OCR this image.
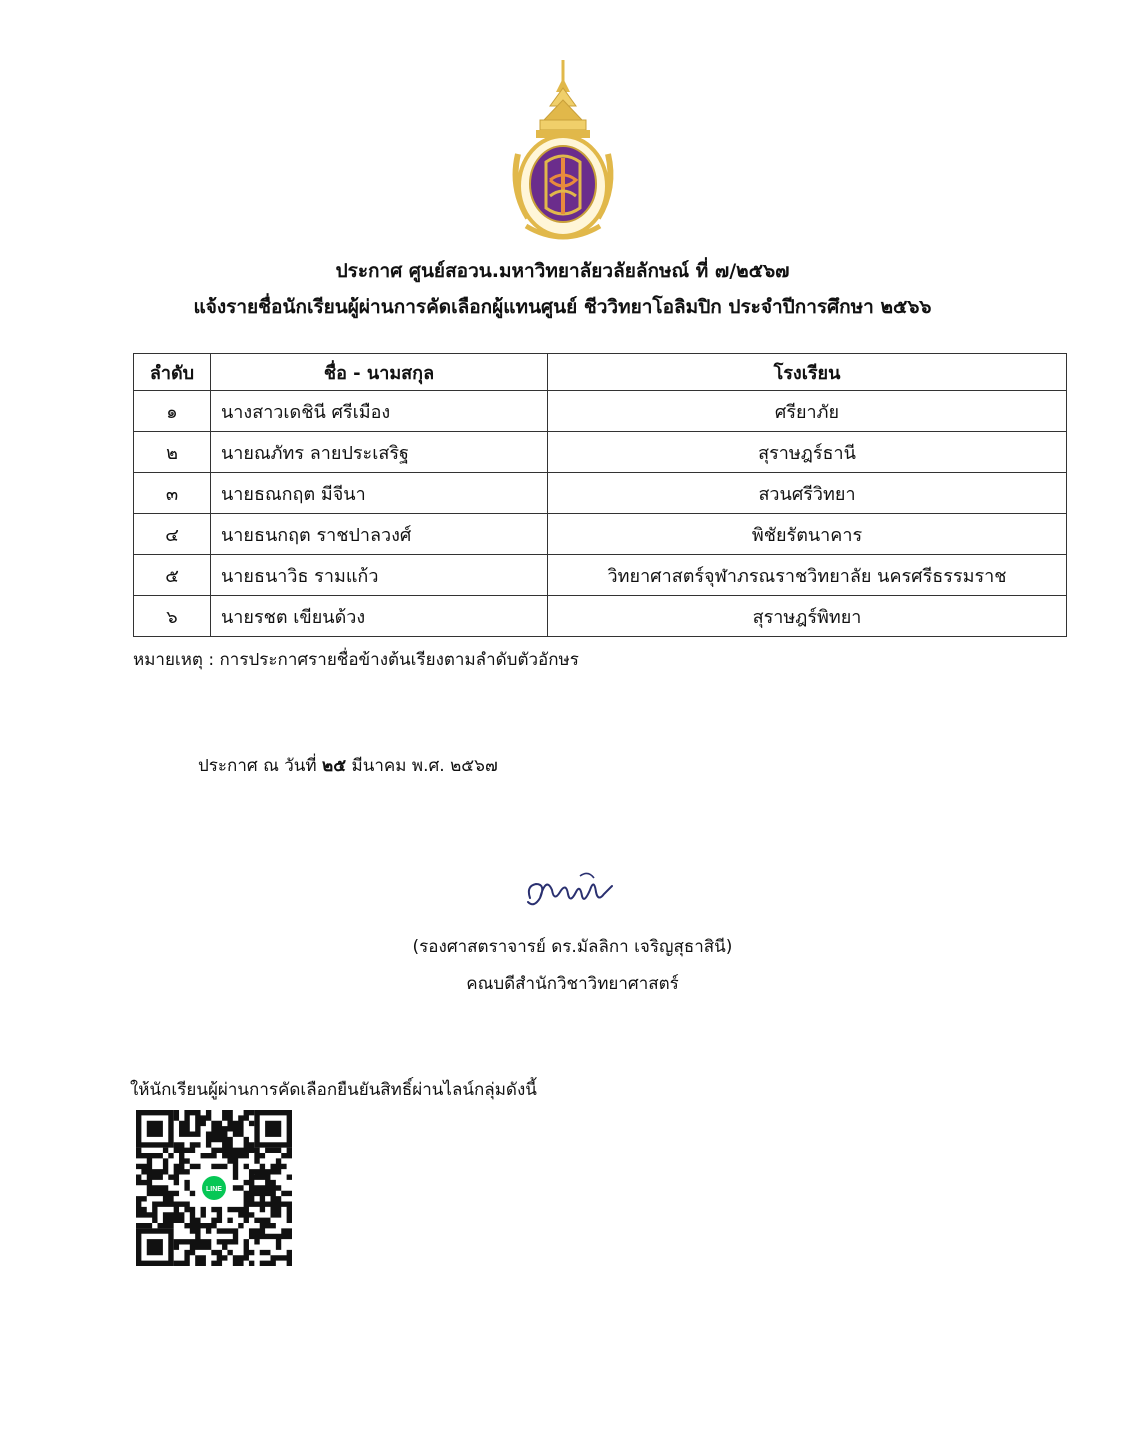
ประกาศ ศูนย์สอวน.มหาวิทยาลัยวลัยลักษณ์ ที่ ๗/๒๕๖๗
แจ้งรายชื่อนักเรียนผู้ผ่านการคัดเลือกผู้แทนศูนย์ ชีววิทยาโอลิมปิก ประจำปีการศึกษา ๒๕๖๖
ลำดับ	ชื่อ - นามสกุล	โรงเรียน
๑	นางสาวเดชินี ศรีเมือง	ศรียาภัย
๒	นายณภัทร ลายประเสริฐ	สุราษฎร์ธานี
๓	นายธณกฤต มีจีนา	สวนศรีวิทยา
๔	นายธนกฤต ราชปาลวงศ์	พิชัยรัตนาคาร
๕	นายธนาวิธ รามแก้ว	วิทยาศาสตร์จุฬาภรณราชวิทยาลัย นครศรีธรรมราช
๖	นายรชต เขียนด้วง	สุราษฎร์พิทยา
หมายเหตุ : การประกาศรายชื่อข้างต้นเรียงตามลำดับตัวอักษร
ประกาศ ณ วันที่ ๒๕ มีนาคม พ.ศ. ๒๕๖๗
(รองศาสตราจารย์ ดร.มัลลิกา เจริญสุธาสินี)
คณบดีสำนักวิชาวิทยาศาสตร์
ให้นักเรียนผู้ผ่านการคัดเลือกยืนยันสิทธิ์ผ่านไลน์กลุ่มดังนี้
LINE
